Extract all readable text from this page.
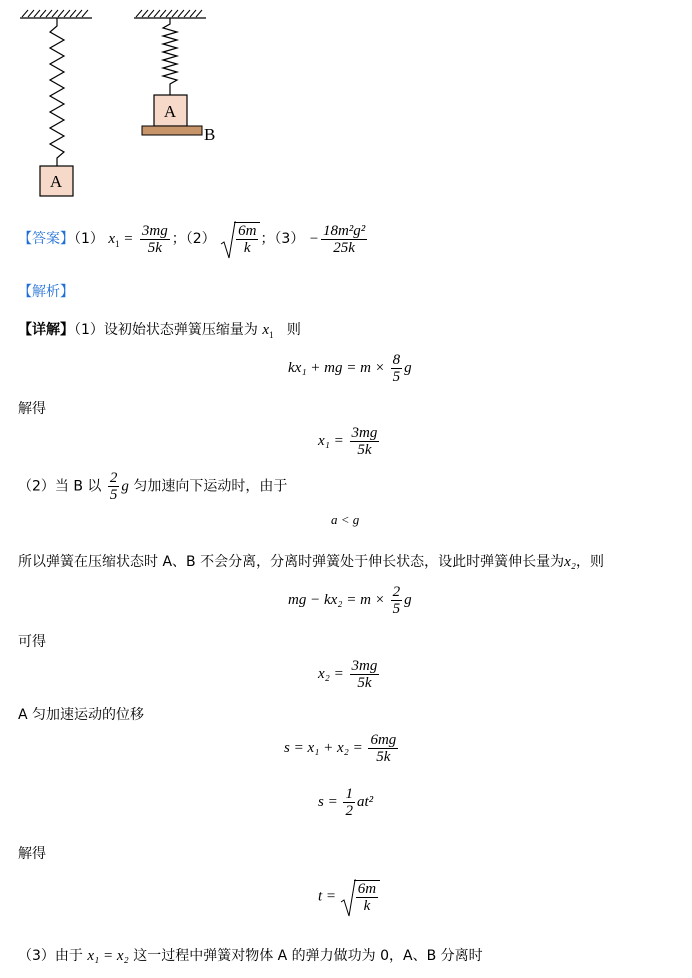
A
A
B
【答案】（1） $x_1 = \frac{3mg}{5k}$ ；$(2) \frac{6m}{k}$ ；$(3) - \frac{\text{18m²g²}}{25k}$
【解析】
【详解】（1）设初始状态弹簧压缩量为 $x_1$ 则
kx₁ + mg = $m \times \frac{8}{5}$ g
解得
$x_1 = \frac{3mg}{5k}$
（2）当 B 以 $\frac{2}{5}$ g 匀加速向下运动时，由于
a < g
所以弹簧在压缩状态时 A、B 不会分离，分离时弹簧处于伸长状态，设此时弹簧伸长量为x₂，则
mg − $kx_2 = m \times \frac{2}{5}$ g
可得
$x_2 = \frac{3mg}{5k}$
A 匀加速运动的位移
$s = x_1 + x_2 = \frac{6mg}{5k}$
$s = \frac{1}{2} at^2$
解得
$t = \frac{6m}{k}$
（3）由于 x₁ = x₂ 这一过程中弹簧对物体 A 的弹力做功为 0，A、B 分离时
